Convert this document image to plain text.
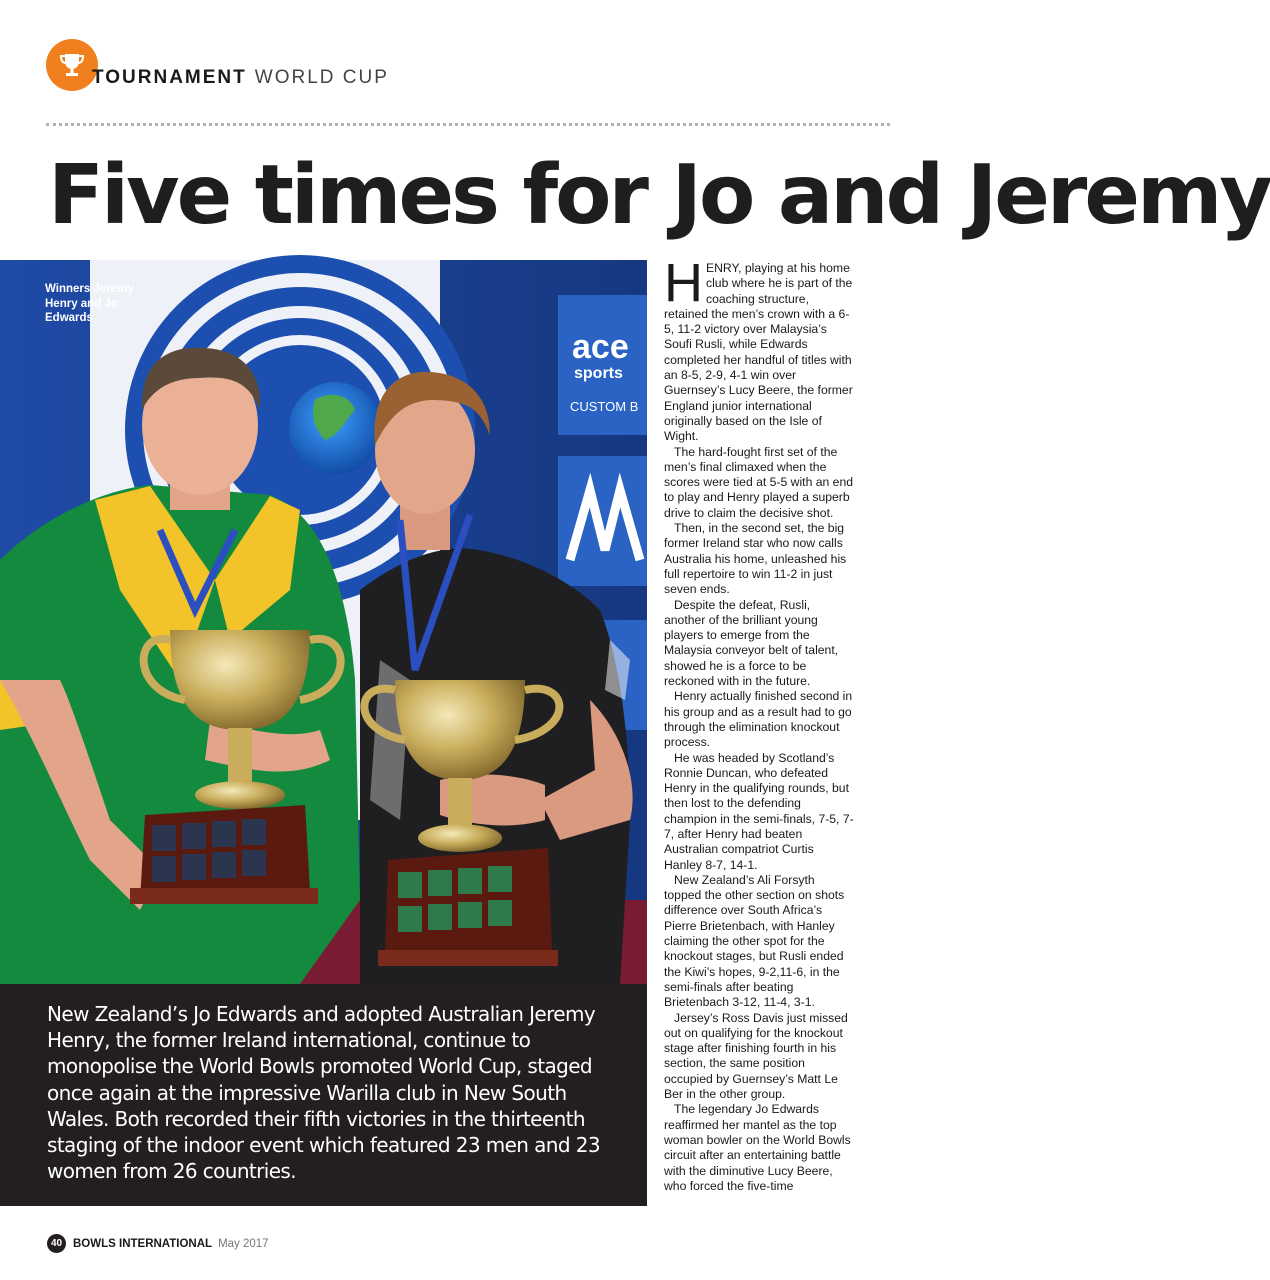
TOURNAMENT WORLD CUP
Five times for Jo and Jeremy
ace
sports
CUSTOM B
Winners Jeremy Henry and Jo Edwards

New Zealand’s Jo Edwards and adopted Australian Jeremy Henry, the former Ireland international, continue to monopolise the World Bowls promoted World Cup, staged once again at the impressive Warilla club in New South Wales. Both recorded their fifth victories in the thirteenth staging of the indoor event which featured 23 men and 23 women from 26 countries.

HENRY, playing at his home club where he is part of the coaching structure, retained the men’s crown with a 6-5, 11-2 victory over Malaysia’s Soufi Rusli, while Edwards completed her handful of titles with an 8-5, 2-9, 4-1 win over Guernsey’s Lucy Beere, the former England junior international originally based on the Isle of Wight.

The hard-fought first set of the men’s final climaxed when the scores were tied at 5-5 with an end to play and Henry played a superb drive to claim the decisive shot.

Then, in the second set, the big former Ireland star who now calls Australia his home, unleashed his full repertoire to win 11-2 in just seven ends.

Despite the defeat, Rusli, another of the brilliant young players to emerge from the Malaysia conveyor belt of talent, showed he is a force to be reckoned with in the future.

Henry actually finished second in his group and as a result had to go through the elimination knockout process.

He was headed by Scotland’s Ronnie Duncan, who defeated Henry in the qualifying rounds, but then lost to the defending champion in the semi-finals, 7-5, 7-7, after Henry had beaten Australian compatriot Curtis Hanley 8-7, 14-1.

New Zealand’s Ali Forsyth topped the other section on shots difference over South Africa’s Pierre Brietenbach, with Hanley claiming the other spot for the knockout stages, but Rusli ended the Kiwi’s hopes, 9-2,11-6, in the semi-finals after beating Brietenbach 3-12, 11-4, 3-1.

Jersey’s Ross Davis just missed out on qualifying for the knockout stage after finishing fourth in his section, the same position occupied by Guernsey’s Matt Le Ber in the other group.

The legendary Jo Edwards reaffirmed her mantel as the top woman bowler on the World Bowls circuit after an entertaining battle with the diminutive Lucy Beere, who forced the five-time

40 BOWLS INTERNATIONAL May 2017
